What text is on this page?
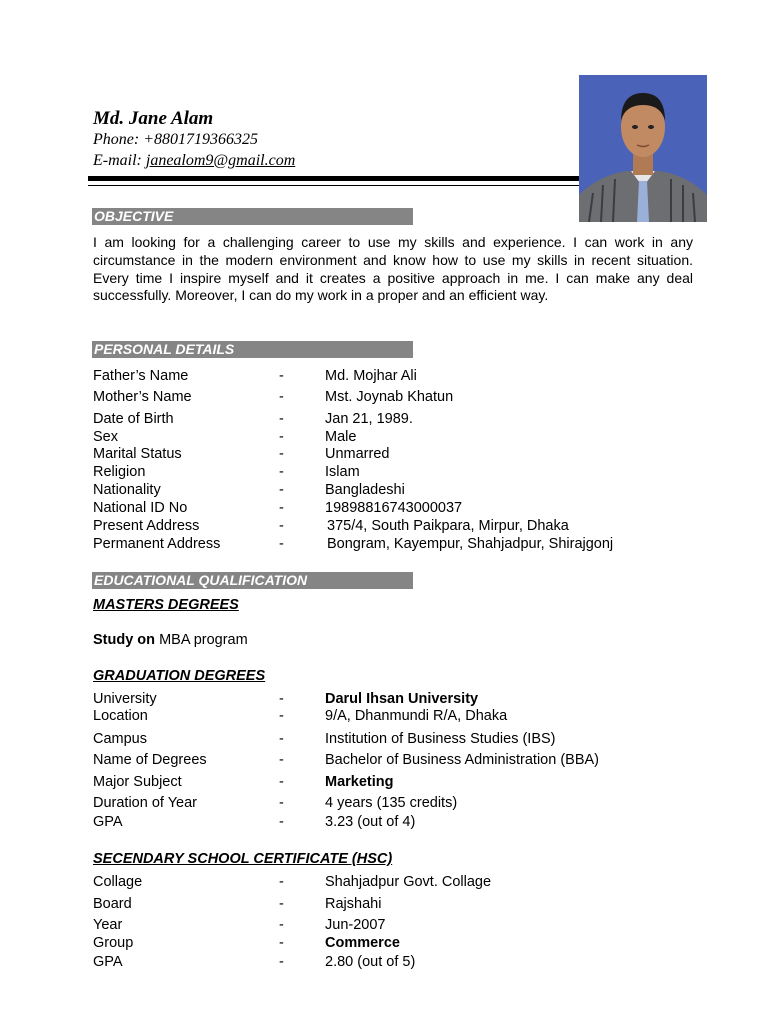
Md. Jane Alam
Phone: +8801719366325
E-mail: janealom9@gmail.com
OBJECTIVE
I am looking for a challenging career to use my skills and experience. I can work in any circumstance in the modern environment and know how to use my skills in recent situation. Every time I inspire myself and it creates a positive approach in me. I can make any deal successfully. Moreover, I can do my work in a proper and an efficient way.
PERSONAL DETAILS
Father’s Name	-	Md. Mojhar Ali
Mother’s Name	-	Mst. Joynab Khatun
Date of Birth	-	Jan 21, 1989.
Sex	-	Male
Marital Status	-	Unmarred
Religion	-	Islam
Nationality	-	Bangladeshi
National ID No	-	19898816743000037
Present Address	-	375/4, South Paikpara, Mirpur, Dhaka
Permanent Address	-	Bongram, Kayempur, Shahjadpur, Shirajgonj
EDUCATIONAL QUALIFICATION
MASTERS DEGREES
Study on MBA program
GRADUATION DEGREES
University	-	Darul Ihsan University
Location	-	9/A, Dhanmundi R/A, Dhaka
Campus	-	Institution of Business Studies (IBS)
Name of Degrees	-	Bachelor of Business Administration (BBA)
Major Subject	-	Marketing
Duration of Year	-	4 years (135 credits)
GPA	-	3.23 (out of 4)
SECENDARY SCHOOL CERTIFICATE (HSC)
Collage	-	Shahjadpur Govt. Collage
Board	-	Rajshahi
Year	-	Jun-2007
Group	-	Commerce
GPA	-	2.80 (out of 5)
